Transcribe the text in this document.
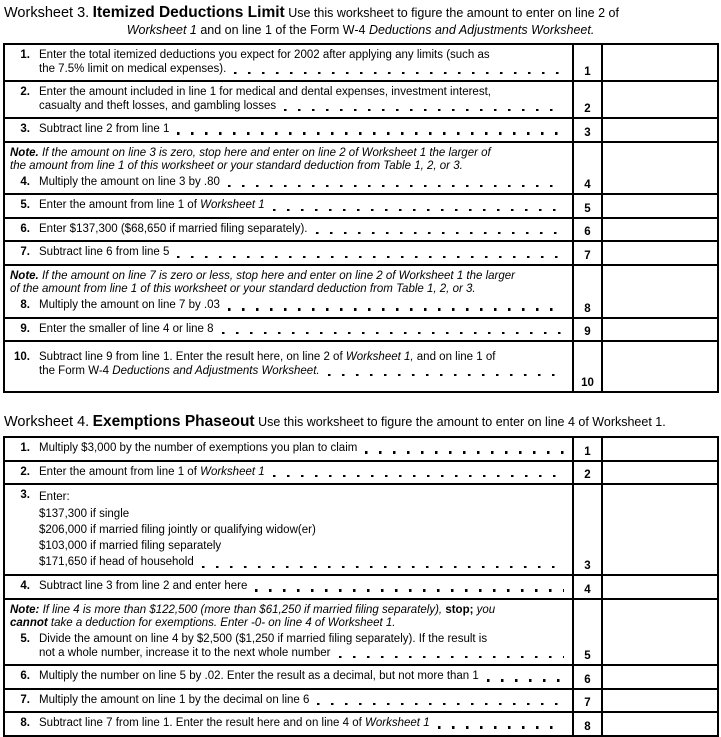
Worksheet 3. Itemized Deductions Limit Use this worksheet to figure the amount to enter on line 2 of
Worksheet 1 and on line 1 of the Form W-4 Deductions and Adjustments Worksheet.
1. Enter the total itemized deductions you expect for 2002 after applying any limits (such as
the 7.5% limit on medical expenses).	1
2. Enter the amount included in line 1 for medical and dental expenses, investment interest,
casualty and theft losses, and gambling losses	2
3. Subtract line 2 from line 1	3
Note. If the amount on line 3 is zero, stop here and enter on line 2 of Worksheet 1 the larger of
the amount from line 1 of this worksheet or your standard deduction from Table 1, 2, or 3.
4. Multiply the amount on line 3 by .80	4
5. Enter the amount from line 1 of Worksheet 1	5
6. Enter $137,300 ($68,650 if married filing separately).	6
7. Subtract line 6 from line 5	7
Note. If the amount on line 7 is zero or less, stop here and enter on line 2 of Worksheet 1 the larger
of the amount from line 1 of this worksheet or your standard deduction from Table 1, 2, or 3.
8. Multiply the amount on line 7 by .03	8
9. Enter the smaller of line 4 or line 8	9
10. Subtract line 9 from line 1. Enter the result here, on line 2 of Worksheet 1, and on line 1 of
the Form W-4 Deductions and Adjustments Worksheet.
10
Worksheet 4. Exemptions Phaseout Use this worksheet to figure the amount to enter on line 4 of Worksheet 1.
1. Multiply $3,000 by the number of exemptions you plan to claim	1
2. Enter the amount from line 1 of Worksheet 1	2
3. Enter:
$137,300 if single
$206,000 if married filing jointly or qualifying widow(er)
$103,000 if married filing separately
$171,650 if head of household	3
4. Subtract line 3 from line 2 and enter here	4
Note: If line 4 is more than $122,500 (more than $61,250 if married filing separately), stop; you
cannot take a deduction for exemptions. Enter -0- on line 4 of Worksheet 1.
5. Divide the amount on line 4 by $2,500 ($1,250 if married filing separately). If the result is
not a whole number, increase it to the next whole number	5
6. Multiply the number on line 5 by .02. Enter the result as a decimal, but not more than 1	6
7. Multiply the amount on line 1 by the decimal on line 6	7
8. Subtract line 7 from line 1. Enter the result here and on line 4 of Worksheet 1	8
